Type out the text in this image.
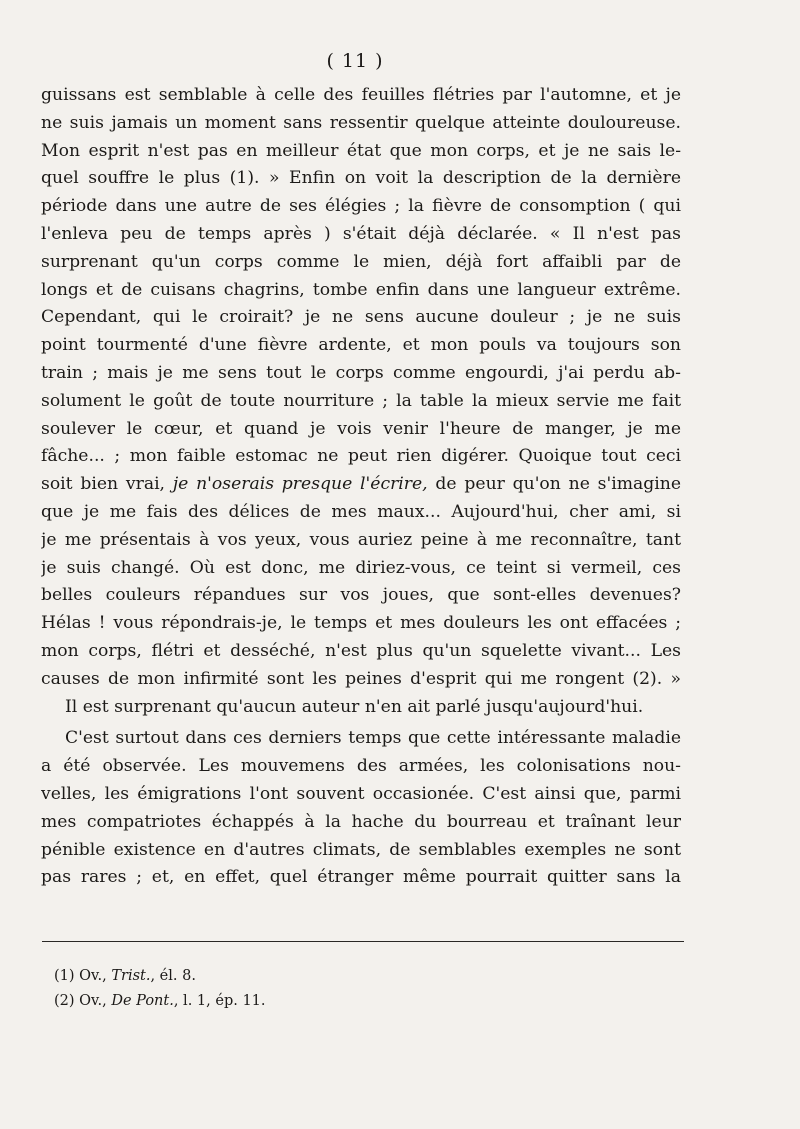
( 11 )
guissans est semblable à celle des feuilles flétries par l'automne, et je
ne suis jamais un moment sans ressentir quelque atteinte douloureuse.
Mon esprit n'est pas en meilleur état que mon corps, et je ne sais le-
quel souffre le plus (1). » Enfin on voit la description de la dernière
période dans une autre de ses élégies ; la fièvre de consomption ( qui
l'enleva peu de temps après ) s'était déjà déclarée. « Il n'est pas
surprenant qu'un corps comme le mien, déjà fort affaibli par de
longs et de cuisans chagrins, tombe enfin dans une langueur extrême.
Cependant, qui le croirait? je ne sens aucune douleur ; je ne suis
point tourmenté d'une fièvre ardente, et mon pouls va toujours son
train ; mais je me sens tout le corps comme engourdi, j'ai perdu ab-
solument le goût de toute nourriture ; la table la mieux servie me fait
soulever le cœur, et quand je vois venir l'heure de manger, je me
fâche... ; mon faible estomac ne peut rien digérer. Quoique tout ceci
soit bien vrai, je n'oserais presque l'écrire, de peur qu'on ne s'imagine
que je me fais des délices de mes maux... Aujourd'hui, cher ami, si
je me présentais à vos yeux, vous auriez peine à me reconnaître, tant
je suis changé. Où est donc, me diriez-vous, ce teint si vermeil, ces
belles couleurs répandues sur vos joues, que sont-elles devenues?
Hélas ! vous répondrais-je, le temps et mes douleurs les ont effacées ;
mon corps, flétri et desséché, n'est plus qu'un squelette vivant... Les
causes de mon infirmité sont les peines d'esprit qui me rongent (2). »
Il est surprenant qu'aucun auteur n'en ait parlé jusqu'aujourd'hui.
C'est surtout dans ces derniers temps que cette intéressante maladie
a été observée. Les mouvemens des armées, les colonisations nou-
velles, les émigrations l'ont souvent occasionée. C'est ainsi que, parmi
mes compatriotes échappés à la hache du bourreau et traînant leur
pénible existence en d'autres climats, de semblables exemples ne sont
pas rares ; et, en effet, quel étranger même pourrait quitter sans la
(1) Ov., Trist., él. 8.
(2) Ov., De Pont., l. 1, ép. 11.
